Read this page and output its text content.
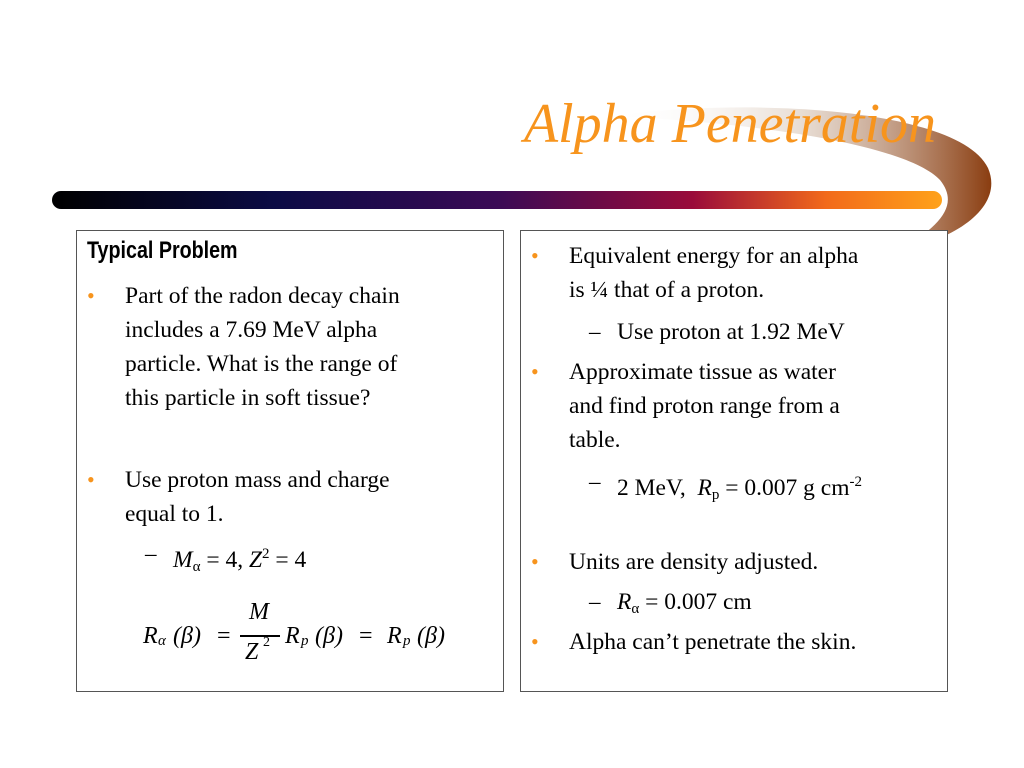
Alpha Penetration
Typical Problem
• Part of the radon decay chain
includes a 7.69 MeV alpha
particle. What is the range of
this particle in soft tissue?
• Use proton mass and charge
equal to 1.
– $M_\alpha = 4$, $Z^2 = 4$
R α (β) =
M
Z 2 R p (β) = R p (β)
• Equivalent energy for an alpha
is ¼ that of a proton.
– Use proton at 1.92 MeV
• Approximate tissue as water
and find proton range from a
table.
– 2 MeV,  $R_p = 0.007$ g $cm^{-2}$
• Units are density adjusted.
– $R_\alpha = 0.007$ cm
• Alpha can’t penetrate the skin.
